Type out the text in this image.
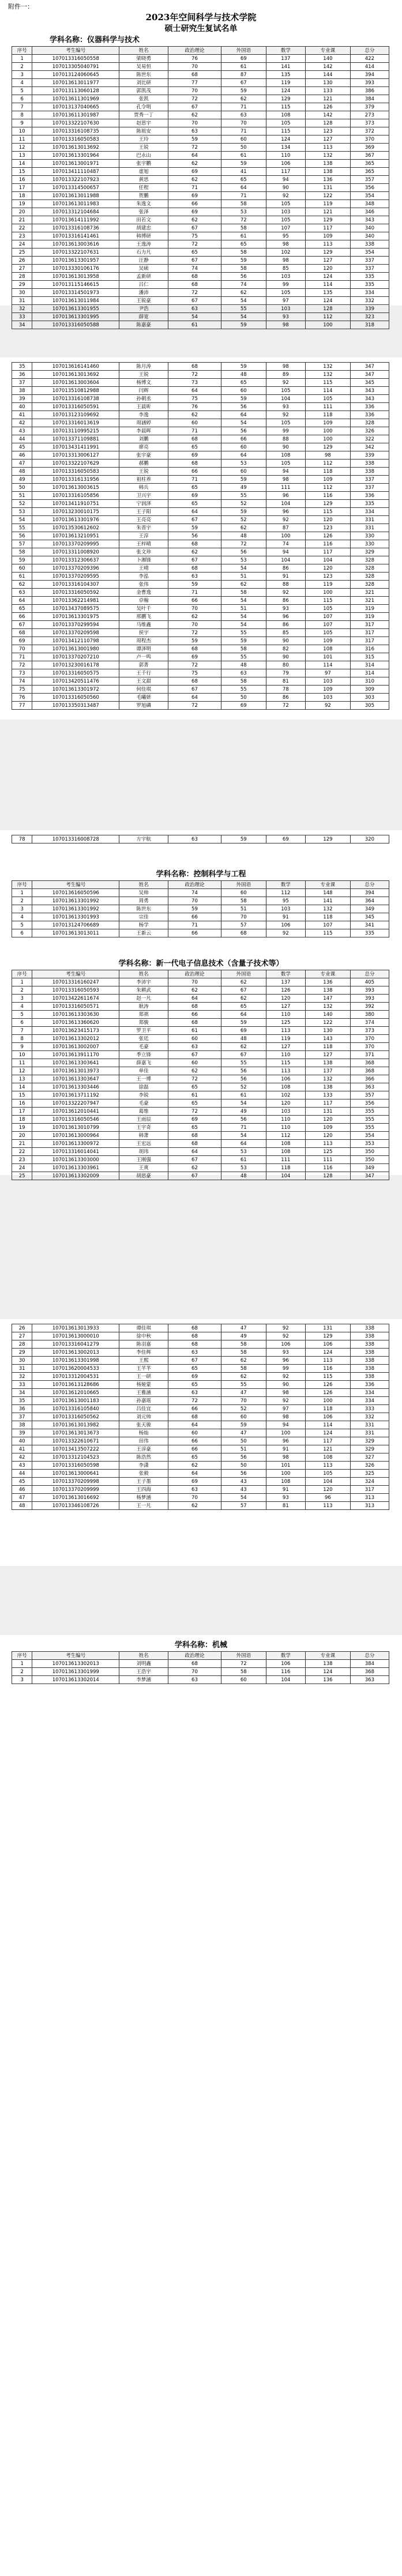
附件一：
2023年空间科学与技术学院
硕士研究生复试名单
学科名称：仪器科学与技术
序号	考生编号	姓名	政治理论	外国语	数学	专业课	总分
1	107013316050558	梁晓勇	76	69	137	140	422
2	107013305040791	吴易恒	70	61	141	142	414
3	107013124060645	陈世东	68	87	135	144	394
4	107013613011977	刘比研	77	67	119	130	393
5	107013113060128	郭凯茂	70	59	124	133	386
6	107013611301969	张凯	72	62	129	121	384
7	107013137040665	孔令明	67	71	115	126	379
8	107013611301987	贾秀一丁	62	63	108	142	273
9	107013322107630	赵思宇	70	70	105	128	373
10	107013316108735	陈祖安	63	71	115	123	372
11	107013316050583	王玲	59	60	124	127	370
12	107013613013692	王锐	72	50	134	113	369
13	107013613301964	巴永山	64	61	110	132	367
14	107013613001971	张宇鹏	62	59	106	138	365
15	107013411110487	虚旭	69	41	117	138	365
16	107013322107923	黄思	62	65	94	136	357
17	107013314500657	任程	71	64	90	131	356
18	107013613011988	贺鹏	69	71	92	122	354
19	107013613011983	朱逸文	66	58	105	119	348
20	107013312104684	张泽	69	53	103	121	346
21	107013614111992	田若文	62	72	105	129	343
22	107013316108736	胡建忠	67	58	107	117	340
23	107013316141461	韩博研	75	61	95	109	340
24	107013613003616	王逸涛	72	65	98	113	338
25	107013322107631	石力凡	65	58	102	129	354
26	107013613301957	汪静	67	59	98	127	337
27	107013330106176	吴硕	74	58	85	120	337
28	107013613013958	孟新研	68	56	103	124	335
29	107013115146615	吕仁	68	74	99	114	335
30	107013314501973	潘沛	72	62	105	135	334
31	107013613011984	王锐豪	67	54	97	124	332
32	107013613301955	尹浩	63	55	103	128	339
33	107013613301995	薛宽	54	54	93	112	323
34	107013316050588	陈嘉豪	61	59	98	100	318
35	107013616141460	陈月涛	68	59	98	132	347
36	107013613013692	王锐	72	48	89	132	347
37	107013613003604	杨博文	73	65	92	115	345
38	107013510812988	闫辉	64	60	105	114	343
39	107013316108738	孙朝丞	75	59	104	105	343
40	107013316050591	王晨昕	76	56	93	111	336
41	107013123109692	李逸	62	64	92	118	336
42	107013316013619	周涵婷	60	54	105	109	328
43	107013110995215	李晨晖	71	56	99	100	326
44	107013371109881	刘鹏	68	66	88	100	322
45	107013431411991	廖亮	65	60	90	129	342
46	107013313006127	张宇豪	69	64	108	98	339
47	107013322107629	郝鹏	68	53	105	112	338
48	107013316050583	王锐	66	60	94	118	338
49	107013316131956	祖柱养	71	59	98	109	337
50	107013613003615	韩兵	65	49	111	112	337
51	107013316105856	卫兴宇	69	55	96	116	336
52	107013411910751	宁润泽	65	52	104	129	335
53	107013230010175	王子阳	64	59	96	115	334
54	107013613301976	王亮亮	67	52	92	120	331
55	107013530612602	朱晋宇	59	62	87	123	331
56	107013613210951	王淳	56	48	100	126	330
57	107013370209995	王梓晴	68	72	74	116	330
58	107013311008920	张文珍	62	56	94	117	329
59	107013312306637	卜湘锋	67	53	104	104	328
60	107013370209396	王晴	68	54	86	120	328
61	107013370209595	李泓	63	51	91	123	328
62	107013316104307	张伟	59	62	88	119	328
63	107013316050592	金曹逸	71	58	92	100	321
64	107013362214981	卓翰	66	54	86	115	321
65	107013437089575	吴叶千	70	51	93	105	319
66	107013613301975	邢鹏飞	62	54	96	107	319
67	107013370299594	马维鑫	70	54	86	107	317
68	107013370209598	侯宇	72	55	85	105	317
69	107013412110798	周程杰	59	59	90	109	317
70	107013613001980	谭泽明	68	58	82	108	316
71	107013370207210	卢一鸣	69	55	90	101	315
72	107013230016178	郭菁	72	48	80	114	314
73	107013316050575	王千行	75	63	79	97	314
74	107013420511476	王文甜	68	58	81	103	310
75	107013613301972	何佳琪	67	55	78	109	309
76	107013316050560	毛曦妍	64	50	86	103	303
77	107013350313487	罗旭磷	72	69	72	92	305
78	107013316008728	方宇航	63	59	69	129	320
学科名称：控制科学与工程
序号	考生编号	姓名	政治理论	外国语	数学	专业课	总分
1	107013616050596	吴帅	74	60	112	148	394
2	107013613301992	周勇	70	58	95	141	364
3	107013613301992	陈世东	59	51	103	132	349
4	107013613301993	宗佳	66	70	91	118	345
5	107013124706689	杨学	71	57	106	107	341
6	107013613013011	王新云	66	68	92	115	335
学科名称：新一代电子信息技术（含量子技术等）
序号	考生编号	姓名	政治理论	外国语	数学	专业课	总分
1	107013316160247	李沛宇	70	62	137	136	405
2	107013316050593	朱耕武	62	67	126	138	393
3	107013422611674	赵一凡	64	62	120	147	393
4	107013316050571	耿涛	68	65	127	132	392
5	107013613303630	郑祺	66	64	110	140	380
6	107013613360620	郑骏	68	59	125	122	374
7	107013623415173	罗卫平	61	69	113	130	373
8	107013613302012	张廷	60	48	119	143	370
9	107013613002007	毛豪	63	62	127	118	370
10	107013613911170	季立锋	67	67	110	127	371
11	107013613303641	薛嘉飞	60	55	115	138	368
12	107013613013973	单佳	62	56	113	137	368
13	107013613303647	王一博	72	56	106	132	366
14	107013613303446	徐磊	65	52	108	138	363
15	107013613711192	李锐	61	61	102	133	357
16	107013322207947	毛豪	65	54	120	117	356
17	107013612010441	葛维	72	49	103	131	355
18	107013316050546	王雨辰	69	56	110	120	355
19	107013613010799	王宇奇	65	71	110	109	355
20	107013613000964	韩萧	68	54	112	120	354
21	107013613300972	王宏远	68	64	108	113	353
22	107013316014041	胡玮	64	53	108	125	350
23	107013613303000	王刚强	67	61	111	111	350
24	107013613303961	王爽	62	53	118	116	349
25	107013613302009	胡思豪	67	48	104	128	347
26	107013613013933	谭佳琪	68	47	92	131	338
27	107013613000010	徐中秋	68	49	92	129	338
28	107013316041279	陈羽嘉	68	58	106	106	338
29	107013613002013	李佳辉	63	58	93	124	338
30	107013613301998	王熙	67	62	96	113	338
31	107013620004533	王芊芊	65	58	99	116	338
32	107013312004531	王一研	69	62	92	115	338
33	107013613128686	杨娅蒙	65	55	90	126	336
34	107013612010665	王雅涵	63	47	98	126	334
35	107013613001183	孙嘉瑶	72	70	92	100	334
36	107013316105840	吕佳宜	66	52	97	118	333
37	107013316050562	刘元帅	68	60	98	106	332
38	107013613013982	张天骏	64	59	94	114	331
39	107013613013673	杨灿	60	47	100	124	331
40	107013322610671	田伟	66	50	96	117	329
41	107013413507222	王淳豪	66	51	91	121	329
42	107013312104523	陈浩然	65	56	98	108	327
43	107013316050598	李潇	62	50	101	113	326
44	107013613000641	张毅	64	56	100	105	325
45	107013370209998	王子墨	69	43	108	104	324
46	107013370209999	王四海	63	43	91	120	317
47	107013613016692	杨梦涵	70	54	93	96	313
48	107013346108726	王一凡	62	57	81	113	313
学科名称：机械
序号	考生编号	姓名	政治理论	外国语	数学	专业课	总分
1	107013613302013	刘明鑫	68	72	106	138	384
2	107013613301999	王浩宇	70	58	116	124	368
3	107013613302014	李梦涵	63	60	104	136	363
